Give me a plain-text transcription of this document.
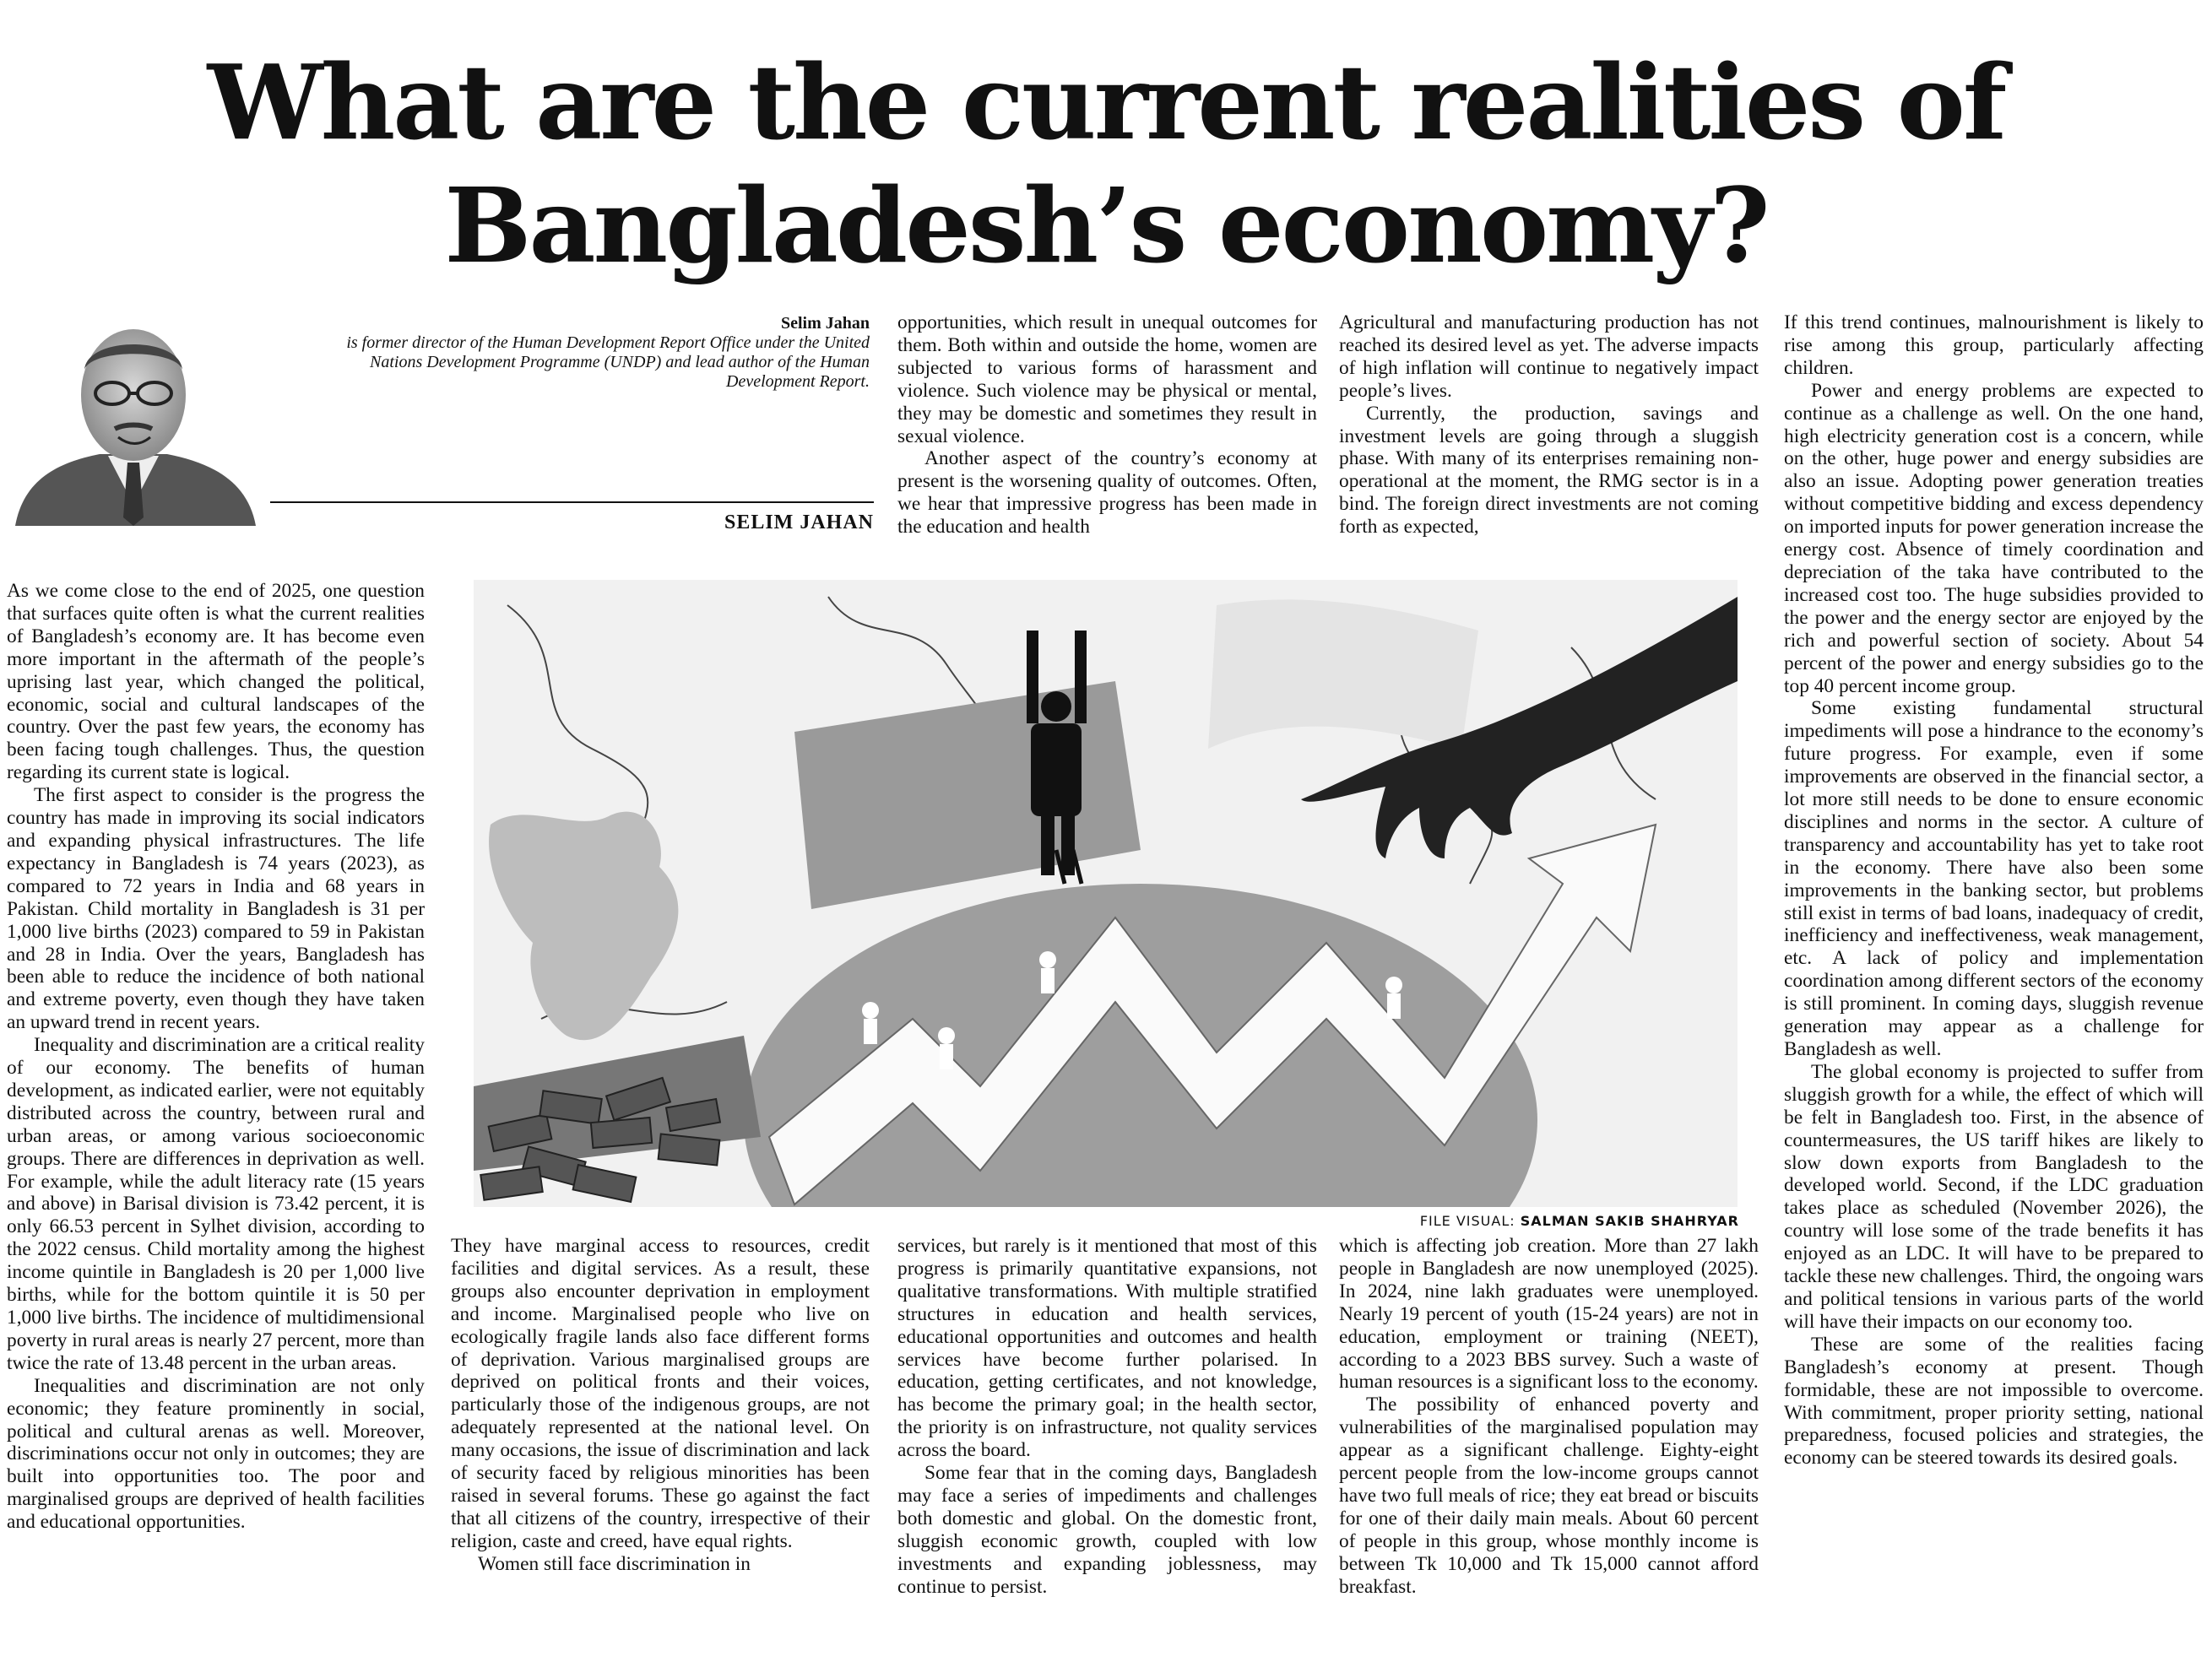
What are the current realities of
Bangladesh’s economy?
Selim Jahan
is former director of the Human Development Report Office under the United Nations Development Programme (UNDP) and lead author of the Human Development Report.
SELIM JAHAN
FILE VISUAL: SALMAN SAKIB SHAHRYAR

As we come close to the end of 2025, one question that surfaces quite often is what the current realities of Bangladesh’s economy are. It has become even more important in the aftermath of the people’s uprising last year, which changed the political, economic, social and cultural landscapes of the country. Over the past few years, the economy has been facing tough challenges. Thus, the question regarding its current state is logical.

The first aspect to consider is the progress the country has made in improving its social indicators and expanding physical infrastructures. The life expectancy in Bangladesh is 74 years (2023), as compared to 72 years in India and 68 years in Pakistan. Child mortality in Bangladesh is 31 per 1,000 live births (2023) compared to 59 in Pakistan and 28 in India. Over the years, Bangladesh has been able to reduce the incidence of both national and extreme poverty, even though they have taken an upward trend in recent years.

Inequality and discrimination are a critical reality of our economy. The benefits of human development, as indicated earlier, were not equitably distributed across the country, between rural and urban areas, or among various socioeconomic groups. There are differences in deprivation as well. For example, while the adult literacy rate (15 years and above) in Barisal division is 73.42 percent, it is only 66.53 percent in Sylhet division, according to the 2022 census. Child mortality among the highest income quintile in Bangladesh is 20 per 1,000 live births, while for the bottom quintile it is 50 per 1,000 live births. The incidence of multidimensional poverty in rural areas is nearly 27 percent, more than twice the rate of 13.48 percent in the urban areas.

Inequalities and discrimination are not only economic; they feature prominently in social, political and cultural arenas as well. Moreover, discriminations occur not only in outcomes; they are built into opportunities too. The poor and marginalised groups are deprived of health facilities and educational opportunities.

They have marginal access to resources, credit facilities and digital services. As a result, these groups also encounter deprivation in employment and income. Marginalised people who live on ecologically fragile lands also face different forms of deprivation. Various marginalised groups are deprived on political fronts and their voices, particularly those of the indigenous groups, are not adequately represented at the national level. On many occasions, the issue of discrimination and lack of security faced by religious minorities has been raised in several forums. These go against the fact that all citizens of the country, irrespective of their religion, caste and creed, have equal rights.

Women still face discrimination in

opportunities, which result in unequal outcomes for them. Both within and outside the home, women are subjected to various forms of harassment and violence. Such violence may be physical or mental, they may be domestic and sometimes they result in sexual violence.

Another aspect of the country’s economy at present is the worsening quality of outcomes. Often, we hear that impressive progress has been made in the education and health

services, but rarely is it mentioned that most of this progress is primarily quantitative expansions, not qualitative transformations. With multiple stratified structures in education and health services, educational opportunities and outcomes and health services have become further polarised. In education, getting certificates, and not knowledge, has become the primary goal; in the health sector, the priority is on infrastructure, not quality services across the board.

Some fear that in the coming days, Bangladesh may face a series of impediments and challenges both domestic and global. On the domestic front, sluggish economic growth, coupled with low investments and expanding joblessness, may continue to persist.

Agricultural and manufacturing production has not reached its desired level as yet. The adverse impacts of high inflation will continue to negatively impact people’s lives.

Currently, the production, savings and investment levels are going through a sluggish phase. With many of its enterprises remaining non-operational at the moment, the RMG sector is in a bind. The foreign direct investments are not coming forth as expected,

which is affecting job creation. More than 27 lakh people in Bangladesh are now unemployed (2025). In 2024, nine lakh graduates were unemployed. Nearly 19 percent of youth (15-24 years) are not in education, employment or training (NEET), according to a 2023 BBS survey. Such a waste of human resources is a significant loss to the economy.

The possibility of enhanced poverty and vulnerabilities of the marginalised population may appear as a significant challenge. Eighty-eight percent people from the low-income groups cannot have two full meals of rice; they eat bread or biscuits for one of their daily main meals. About 60 percent of people in this group, whose monthly income is between Tk 10,000 and Tk 15,000 cannot afford breakfast.

If this trend continues, malnourishment is likely to rise among this group, particularly affecting children.

Power and energy problems are expected to continue as a challenge as well. On the one hand, high electricity generation cost is a concern, while on the other, huge power and energy subsidies are also an issue. Adopting power generation treaties without competitive bidding and excess dependency on imported inputs for power generation increase the energy cost. Absence of timely coordination and depreciation of the taka have contributed to the increased cost too. The huge subsidies provided to the power and the energy sector are enjoyed by the rich and powerful section of society. About 54 percent of the power and energy subsidies go to the top 40 percent income group.

Some existing fundamental structural impediments will pose a hindrance to the economy’s future progress. For example, even if some improvements are observed in the financial sector, a lot more still needs to be done to ensure economic disciplines and norms in the sector. A culture of transparency and accountability has yet to take root in the economy. There have also been some improvements in the banking sector, but problems still exist in terms of bad loans, inadequacy of credit, inefficiency and ineffectiveness, weak management, etc. A lack of policy and implementation coordination among different sectors of the economy is still prominent. In coming days, sluggish revenue generation may appear as a challenge for Bangladesh as well.

The global economy is projected to suffer from sluggish growth for a while, the effect of which will be felt in Bangladesh too. First, in the absence of countermeasures, the US tariff hikes are likely to slow down exports from Bangladesh to the developed world. Second, if the LDC graduation takes place as scheduled (November 2026), the country will lose some of the trade benefits it has enjoyed as an LDC. It will have to be prepared to tackle these new challenges. Third, the ongoing wars and political tensions in various parts of the world will have their impacts on our economy too.

These are some of the realities facing Bangladesh’s economy at present. Though formidable, these are not impossible to overcome. With commitment, proper priority setting, national preparedness, focused policies and strategies, the economy can be steered towards its desired goals.
